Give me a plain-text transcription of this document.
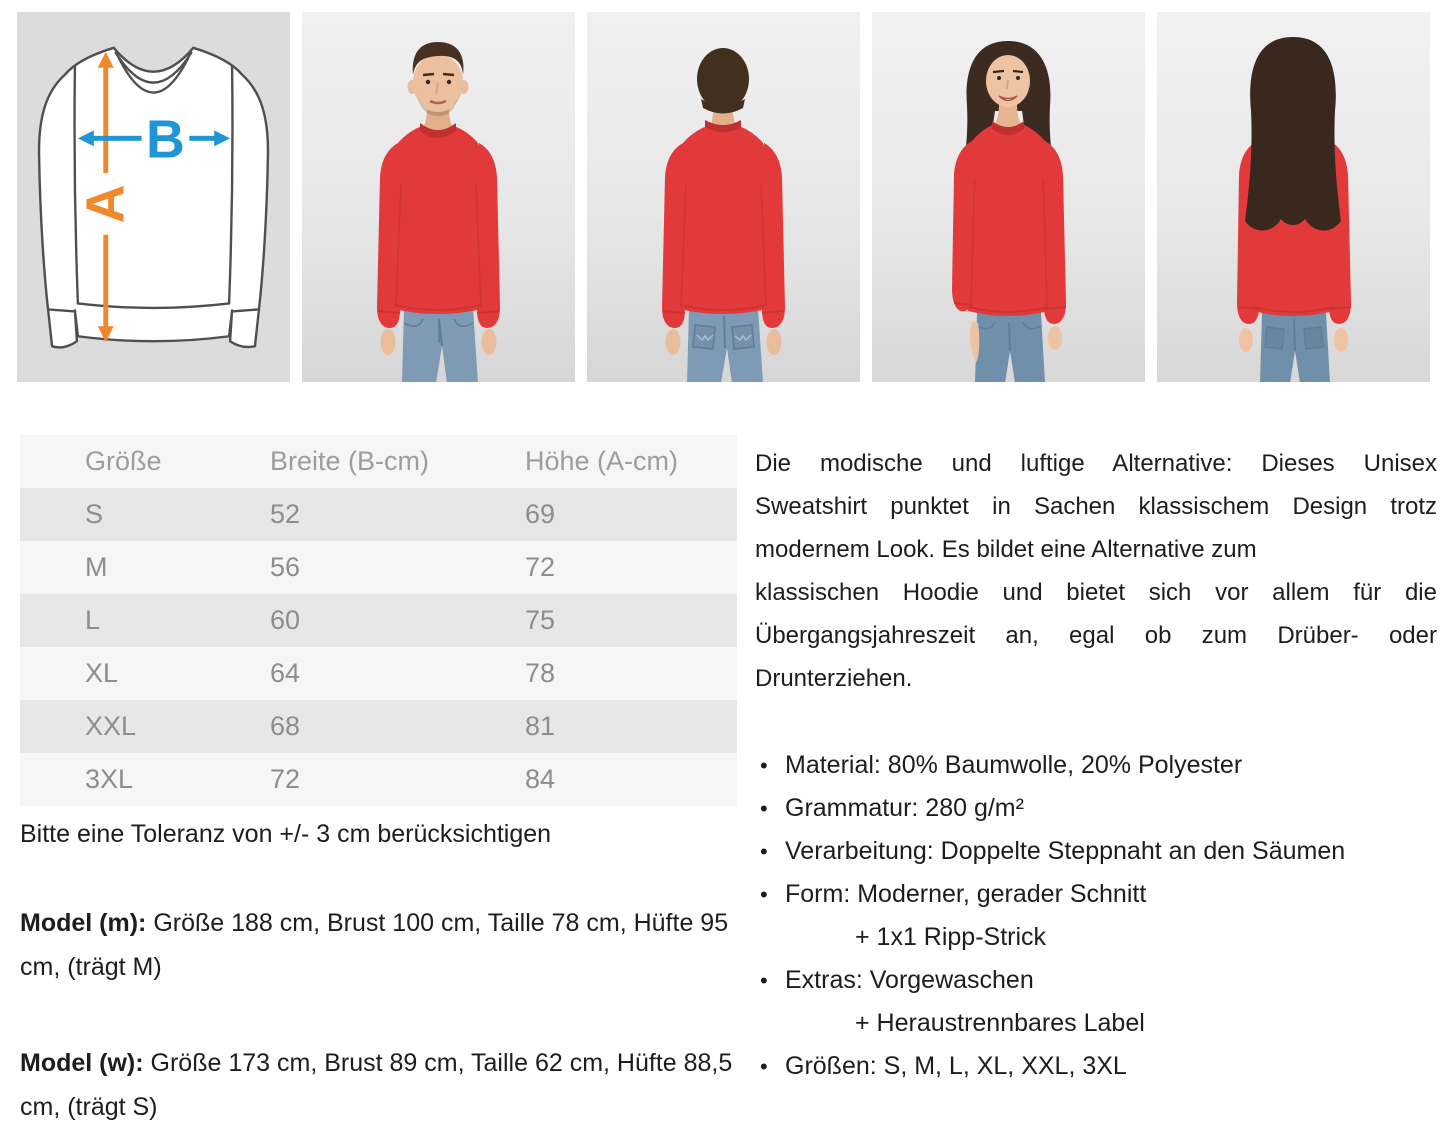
A
B
Größe	Breite (B-cm)	Höhe (A-cm)
S	52	69
M	56	72
L	60	75
XL	64	78
XXL	68	81
3XL	72	84
Bitte eine Toleranz von +/- 3 cm berücksichtigen

Model (m): Größe 188 cm, Brust 100 cm, Taille 78 cm, Hüfte 95 cm, (trägt M)

Model (w): Größe 173 cm, Brust 89 cm, Taille 62 cm, Hüfte 88,5 cm, (trägt S)

Die modische und luftige Alternative: Dieses Unisex
Sweatshirt punktet in Sachen klassischem Design trotz
modernem Look. Es bildet eine Alternative zum
klassischen Hoodie und bietet sich vor allem für die
Übergangsjahreszeit an, egal ob zum Drüber- oder
Drunterziehen.
• Material: 80% Baumwolle, 20% Polyester
• Grammatur: 280 g/m²
• Verarbeitung: Doppelte Steppnaht an den Säumen
• Form: Moderner, gerader Schnitt
+ 1x1 Ripp-Strick
• Extras: Vorgewaschen
+ Heraustrennbares Label
• Größen: S, M, L, XL, XXL, 3XL
